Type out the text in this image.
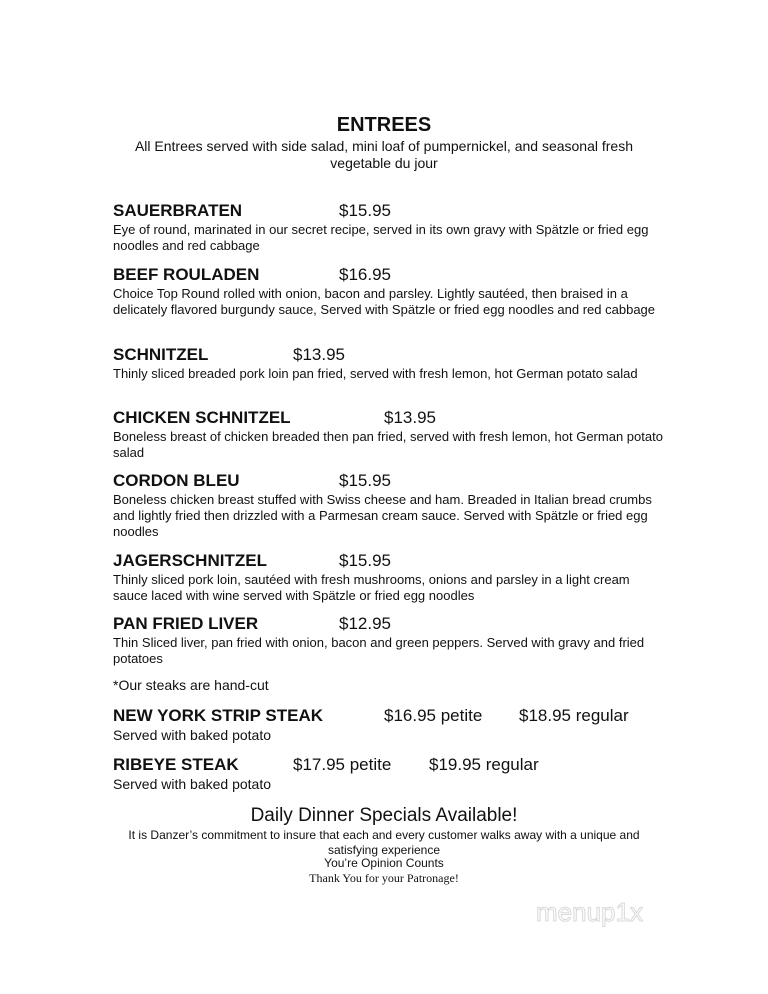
ENTREES
All Entrees served with side salad, mini loaf of pumpernickel, and seasonal fresh vegetable du jour
SAUERBRATEN	$15.95

Eye of round, marinated in our secret recipe, served in its own gravy with Spätzle or fried egg noodles and red cabbage

BEEF ROULADEN	$16.95

Choice Top Round rolled with onion, bacon and parsley. Lightly sautéed, then braised in a delicately flavored burgundy sauce, Served with Spätzle or fried egg noodles and red cabbage

SCHNITZEL	$13.95

Thinly sliced breaded pork loin pan fried, served with fresh lemon, hot German potato salad

CHICKEN SCHNITZEL	$13.95

Boneless breast of chicken breaded then pan fried, served with fresh lemon, hot German potato salad

CORDON BLEU	$15.95

Boneless chicken breast stuffed with Swiss cheese and ham. Breaded in Italian bread crumbs and lightly fried then drizzled with a Parmesan cream sauce. Served with Spätzle or fried egg noodles

JAGERSCHNITZEL	$15.95

Thinly sliced pork loin, sautéed with fresh mushrooms, onions and parsley in a light cream sauce laced with wine served with Spätzle or fried egg noodles

PAN FRIED LIVER	$12.95

Thin Sliced liver, pan fried with onion, bacon and green peppers. Served with gravy and fried potatoes

*Our steaks are hand-cut
NEW YORK STRIP STEAK	$16.95 petite $18.95 regular

Served with baked potato

RIBEYE STEAK	$17.95 petite $19.95 regular

Served with baked potato

Daily Dinner Specials Available!
It is Danzer’s commitment to insure that each and every customer walks away with a unique and satisfying experience
You’re Opinion Counts
Thank You for your Patronage!
menup1x
